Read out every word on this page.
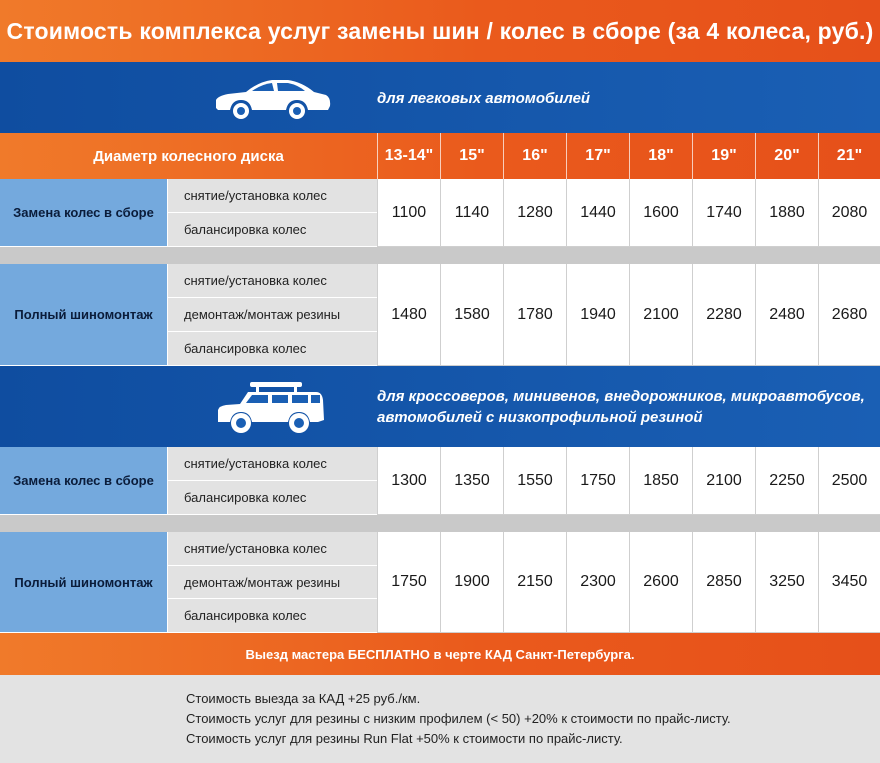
Стоимость комплекса услуг замены шин / колес в сборе (за 4 колеса, руб.)
для легковых автомобилей
Диаметр колесного диска	13-14"	15"	16"	17"	18"	19"	20"	21"
Замена колес в сборе
снятие/установка колес
балансировка колес
1100	1140	1280	1440	1600	1740	1880	2080
Полный шиномонтаж
снятие/установка колес
демонтаж/монтаж резины
балансировка колес
1480	1580	1780	1940	2100	2280	2480	2680
для кроссоверов, минивенов, внедорожников, микроавтобусов,
автомобилей с низкопрофильной резиной
Замена колес в сборе
снятие/установка колес
балансировка колес
1300	1350	1550	1750	1850	2100	2250	2500
Полный шиномонтаж
снятие/установка колес
демонтаж/монтаж резины
балансировка колес
1750	1900	2150	2300	2600	2850	3250	3450
Выезд мастера БЕСПЛАТНО в черте КАД Санкт-Петербурга.
Стоимость выезда за КАД +25 руб./км.
Стоимость услуг для резины с низким профилем (< 50) +20% к стоимости по прайс-листу.
Стоимость услуг для резины Run Flat +50% к стоимости по прайс-листу.
